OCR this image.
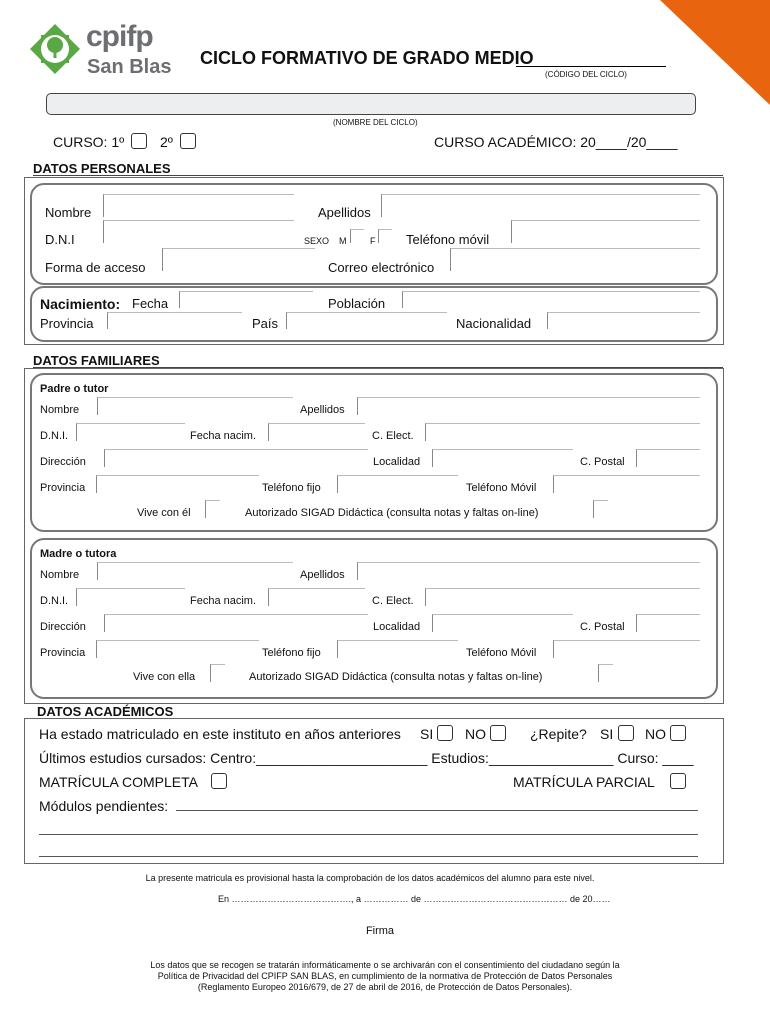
cpifp
San Blas CICLO FORMATIVO DE GRADO MEDIO
(CÓDIGO DEL CICLO)
(NOMBRE DEL CICLO)
CURSO: 1º	2º	CURSO ACADÉMICO: 20____/20____
DATOS PERSONALES
Nombre	Apellidos
D.N.I	SEXO M	F Teléfono móvil
Forma de acceso	Correo electrónico
Nacimiento: Fecha	Población
Provincia	País	Nacionalidad
DATOS FAMILIARES
Padre o tutor
Nombre	Apellidos
D.N.I.	Fecha nacim.	C. Elect.
Dirección	Localidad	C. Postal
Provincia	Teléfono fijo	Teléfono Móvil
Vive con él	Autorizado SIGAD Didáctica (consulta notas y faltas on-line)
Madre o tutora
Nombre	Apellidos
D.N.I.	Fecha nacim.	C. Elect.
Dirección	Localidad	C. Postal
Provincia	Teléfono fijo	Teléfono Móvil
Vive con ella	Autorizado SIGAD Didáctica (consulta notas y faltas on-line)
DATOS ACADÉMICOS
Ha estado matriculado en este instituto en años anteriores SI NO	¿Repite? SI NO
Últimos estudios cursados: Centro:______________________ Estudios:________________ Curso: ____
MATRÍCULA COMPLETA	MATRÍCULA PARCIAL
Módulos pendientes:
La presente matricula es provisional hasta la comprobación de los datos académicos del alumno para este nivel.
En …………………………………., a …………… de ………………………………………… de 20……
Firma
Los datos que se recogen se tratarán informáticamente o se archivarán con el consentimiento del ciudadano según la
Política de Privacidad del CPIFP SAN BLAS, en cumplimiento de la normativa de Protección de Datos Personales
(Reglamento Europeo 2016/679, de 27 de abril de 2016, de Protección de Datos Personales).
